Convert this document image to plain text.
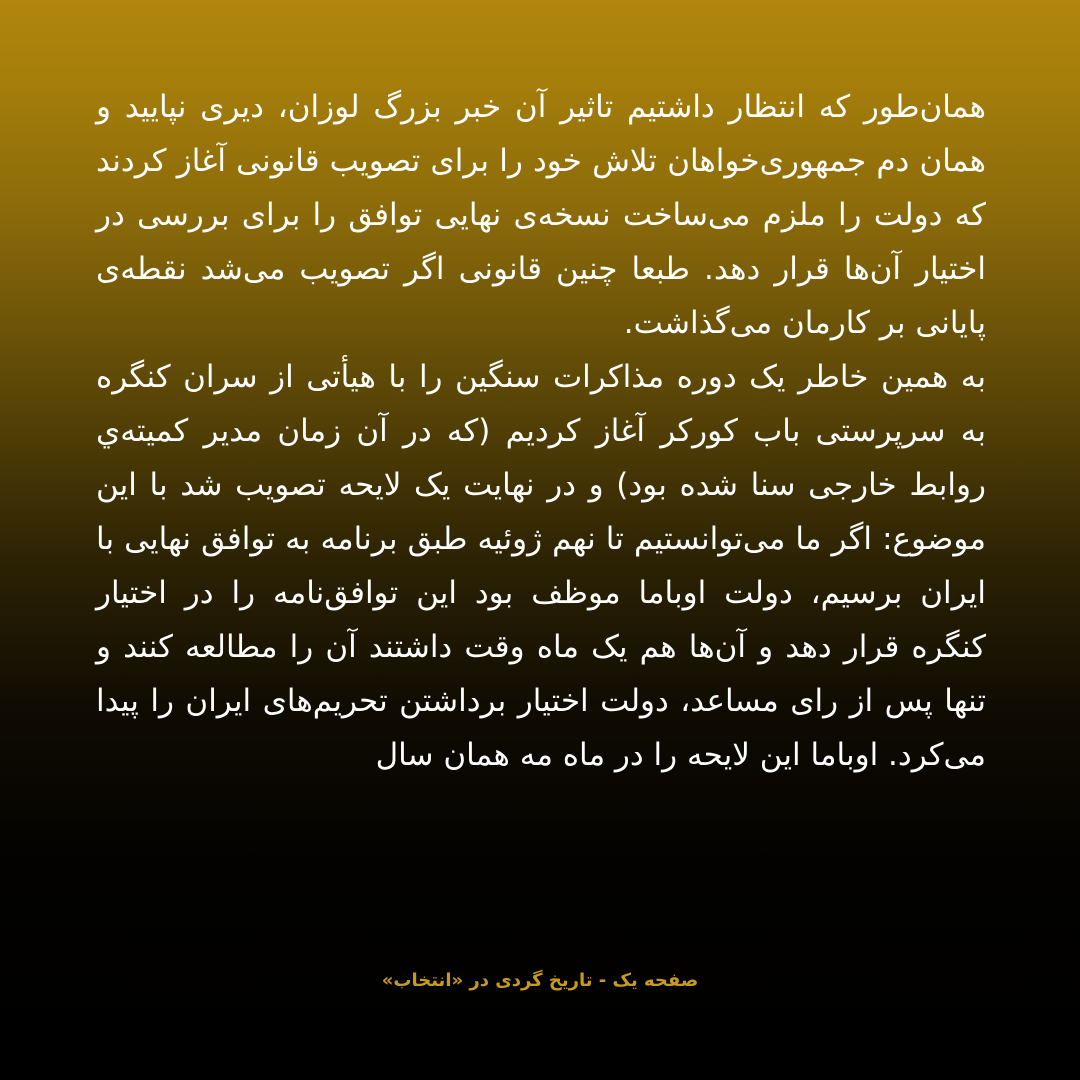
همان‌طور که انتظار داشتیم تاثیر آن خبر بزرگ لوزان، دیری نپایید و همان دم جمهوری‌خواهان تلاش خود را برای تصویب قانونی آغاز کردند که دولت را ملزم می‌ساخت نسخه‌ی نهایی توافق را برای بررسی در اختیار آن‌ها قرار دهد. طبعا چنین قانونی اگر تصویب می‌شد نقطه‌ی پایانی بر کارمان می‌گذاشت.

به همین خاطر یک دوره مذاکرات سنگین را با هیأتی از سران کنگره به سرپرستی باب کورکر آغاز کردیم (که در آن زمان مدیر کمیته‌ي روابط خارجی سنا شده بود) و در نهایت یک لایحه تصویب شد با این موضوع: اگر ما می‌توانستیم تا نهم ژوئیه طبق برنامه به توافق نهایی با ایران برسیم، دولت اوباما موظف بود این توافق‌نامه را در اختیار کنگره قرار دهد و آن‌ها هم یک ماه وقت داشتند آن را مطالعه کنند و تنها پس از رای مساعد، دولت اختیار برداشتن تحریم‌های ایران را پیدا می‌کرد. اوباما این لایحه را در ماه مه همان سال

صفحه یک - تاریخ گردی در «انتخاب»
